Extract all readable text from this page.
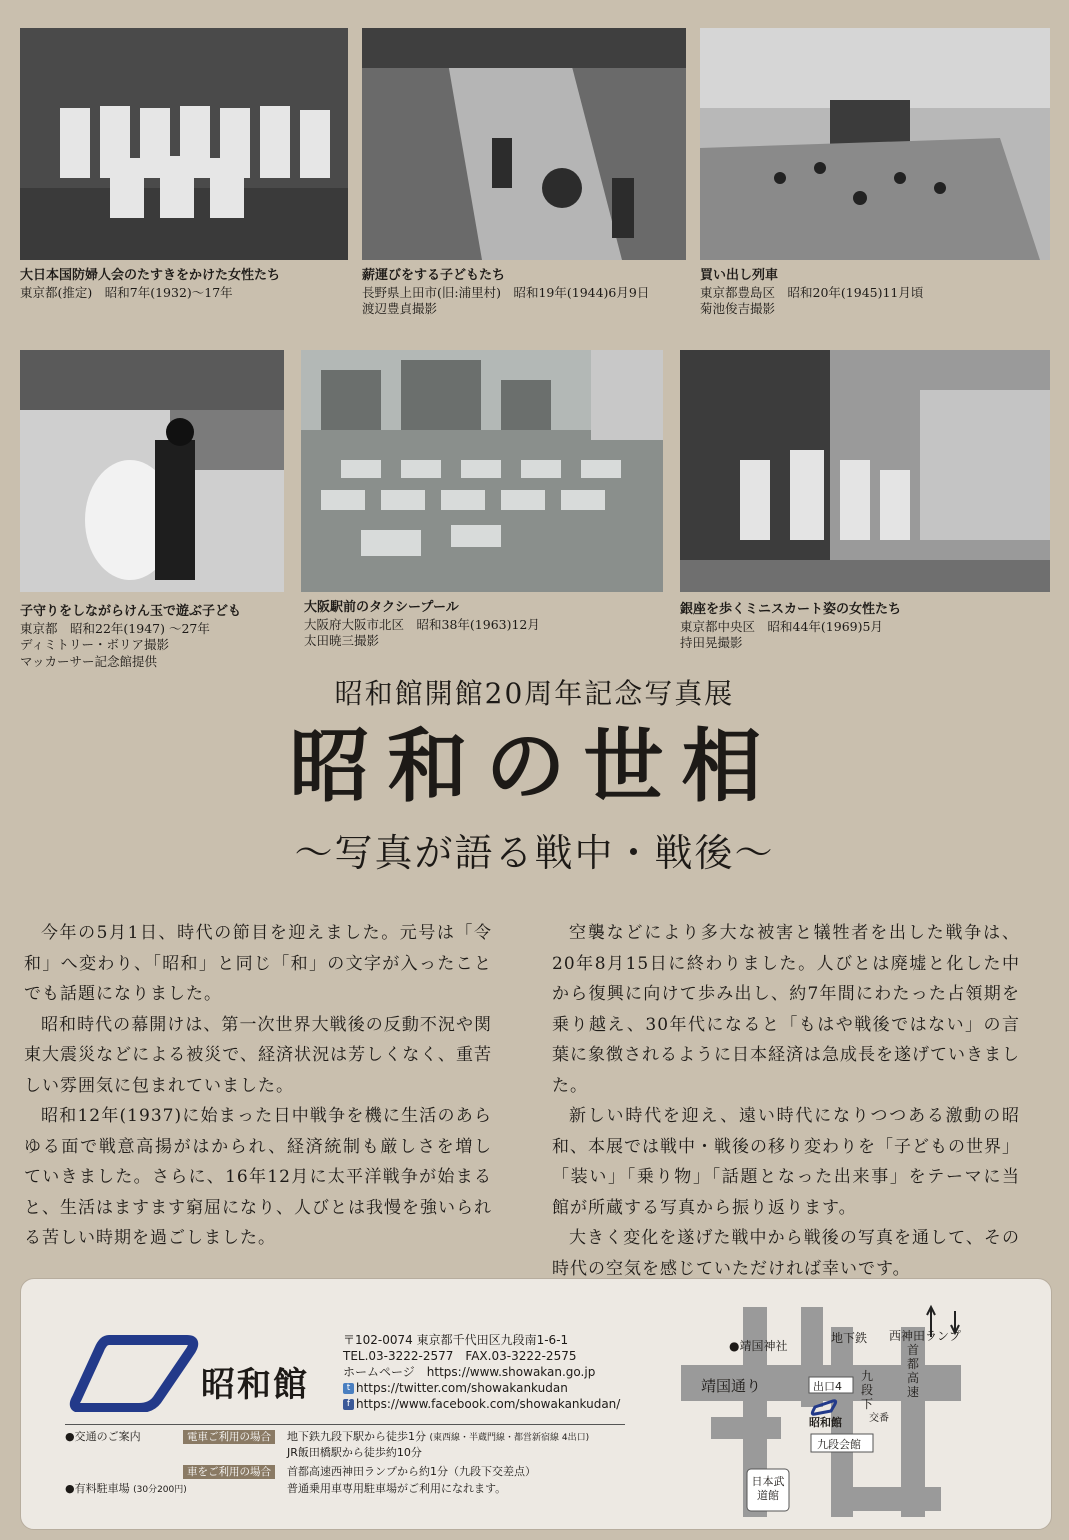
大日本国防婦人会のたすきをかけた女性たち
東京都(推定)　昭和7年(1932)〜17年
薪運びをする子どもたち
長野県上田市(旧:浦里村)　昭和19年(1944)6月9日
渡辺豊貞撮影
買い出し列車
東京都豊島区　昭和20年(1945)11月頃
菊池俊吉撮影
子守りをしながらけん玉で遊ぶ子ども
東京都　昭和22年(1947) 〜27年
ディミトリー・ボリア撮影
マッカーサー記念館提供
大阪駅前のタクシープール
大阪府大阪市北区　昭和38年(1963)12月
太田暁三撮影
銀座を歩くミニスカート姿の女性たち
東京都中央区　昭和44年(1969)5月
持田晃撮影
昭和館開館20周年記念写真展
昭和の世相
〜写真が語る戦中・戦後〜

今年の5月1日、時代の節目を迎えました。元号は「令和」へ変わり、「昭和」と同じ「和」の文字が入ったことでも話題になりました。

昭和時代の幕開けは、第一次世界大戦後の反動不況や関東大震災などによる被災で、経済状況は芳しくなく、重苦しい雰囲気に包まれていました。

昭和12年(1937)に始まった日中戦争を機に生活のあらゆる面で戦意高揚がはかられ、経済統制も厳しさを増していきました。さらに、16年12月に太平洋戦争が始まると、生活はますます窮屈になり、人びとは我慢を強いられる苦しい時期を過ごしました。

空襲などにより多大な被害と犠牲者を出した戦争は、20年8月15日に終わりました。人びとは廃墟と化した中から復興に向けて歩み出し、約7年間にわたった占領期を乗り越え、30年代になると「もはや戦後ではない」の言葉に象徴されるように日本経済は急成長を遂げていきました。

新しい時代を迎え、遠い時代になりつつある激動の昭和、本展では戦中・戦後の移り変わりを「子どもの世界」「装い」「乗り物」「話題となった出来事」をテーマに当館が所蔵する写真から振り返ります。

大きく変化を遂げた戦中から戦後の写真を通して、その時代の空気を感じていただければ幸いです。

昭和館
〒102-0074 東京都千代田区九段南1-6-1
TEL.03-3222-2577　FAX.03-3222-2575
ホームページ　https://www.showakan.go.jp
t https://twitter.com/showakankudan
f https://www.facebook.com/showakankudan/
●交通のご案内	電車ご利用の場合	地下鉄九段下駅から徒歩1分 (東西線・半蔵門線・都営新宿線 4出口)
JR飯田橋駅から徒歩約10分
車をご利用の場合	首都高速西神田ランプから約1分（九段下交差点）
●有料駐車場 (30分200円)	普通乗用車専用駐車場がご利用になれます。
●靖国神社
地下鉄 西神田ランプ
靖国通り	出口4
九段下
首都高速
交番
昭和館
九段会館
日本武道館
